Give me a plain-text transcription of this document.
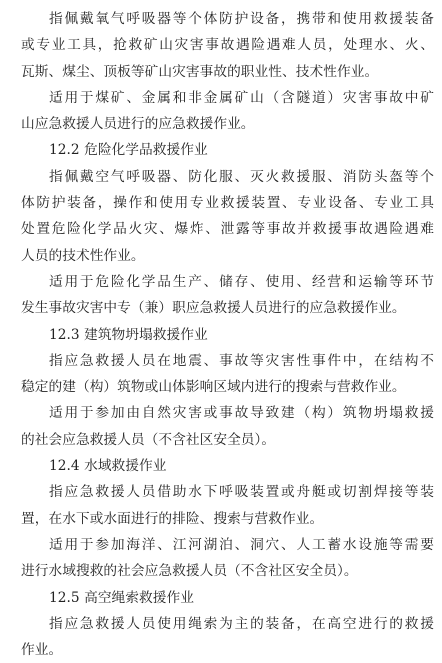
指佩戴氧气呼吸器等个体防护设备，携带和使用救援装备
或专业工具，抢救矿山灾害事故遇险遇难人员，处理水、火、
瓦斯、煤尘、顶板等矿山灾害事故的职业性、技术性作业。
适用于煤矿、金属和非金属矿山（含隧道）灾害事故中矿
山应急救援人员进行的应急救援作业。
12.2 危险化学品救援作业
指佩戴空气呼吸器、防化服、灭火救援服、消防头盔等个
体防护装备，操作和使用专业救援装置、专业设备、专业工具
处置危险化学品火灾、爆炸、泄露等事故并救援事故遇险遇难
人员的技术性作业。
适用于危险化学品生产、储存、使用、经营和运输等环节
发生事故灾害中专（兼）职应急救援人员进行的应急救援作业。
12.3 建筑物坍塌救援作业
指应急救援人员在地震、事故等灾害性事件中，在结构不
稳定的建（构）筑物或山体影响区域内进行的搜索与营救作业。
适用于参加由自然灾害或事故导致建（构）筑物坍塌救援
的社会应急救援人员（不含社区安全员）。
12.4 水域救援作业
指应急救援人员借助水下呼吸装置或舟艇或切割焊接等装
置，在水下或水面进行的排险、搜索与营救作业。
适用于参加海洋、江河湖泊、洞穴、人工蓄水设施等需要
进行水域搜救的社会应急救援人员（不含社区安全员）。
12.5 高空绳索救援作业
指应急救援人员使用绳索为主的装备，在高空进行的救援
作业。
